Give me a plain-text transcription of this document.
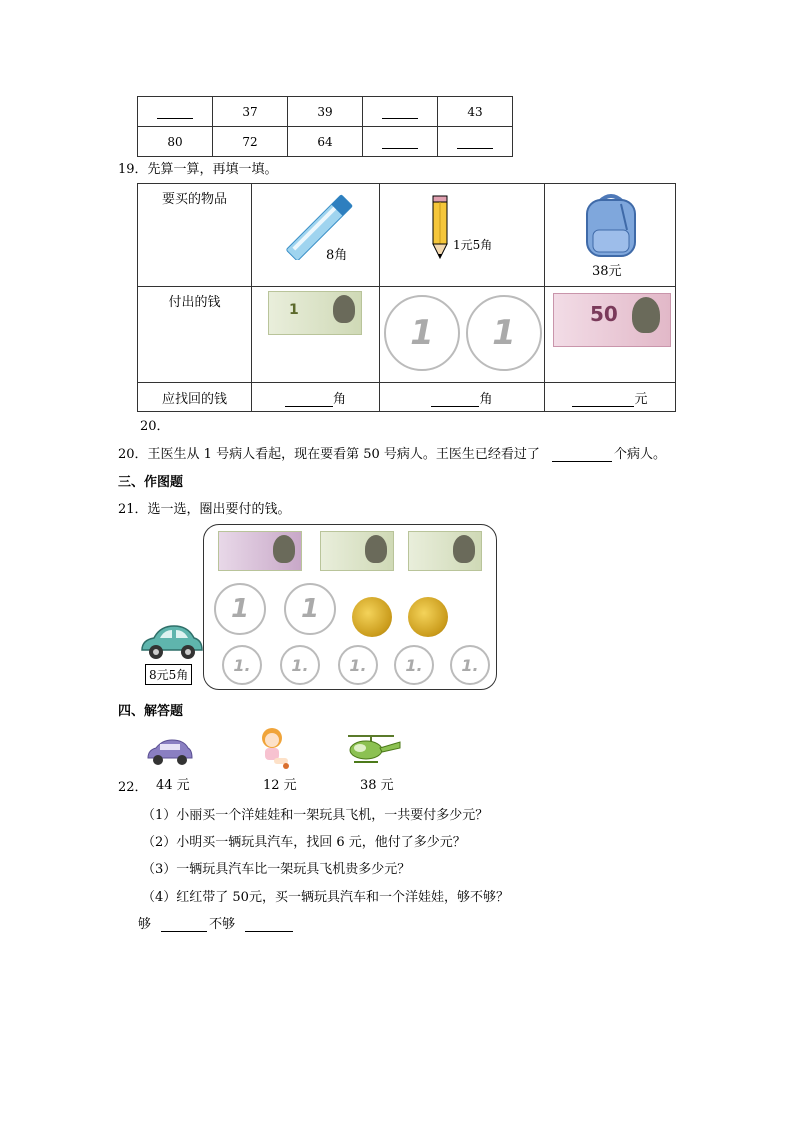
	37	39		43
80	72	64		
19．先算一算，再填一填。
要买的物品	8角	1元5角	38元

付出的钱	1	1 1	50

应找回的钱	角	角	元
20．
20．王医生从 1 号病人看起，现在要看第 50 号病人。王医生已经看过了	个病人。
三、作图题
21．选一选，圈出要付的钱。
1	1
1.	1.	1. 1. 1.
8元5角
四、解答题
22． 44 元	12 元	38 元
（1）小丽买一个洋娃娃和一架玩具飞机，一共要付多少元？
（2）小明买一辆玩具汽车，找回 6 元，他付了多少元？
（3）一辆玩具汽车比一架玩具飞机贵多少元？
（4）红红带了 50元，买一辆玩具汽车和一个洋娃娃，够不够？
够	不够
